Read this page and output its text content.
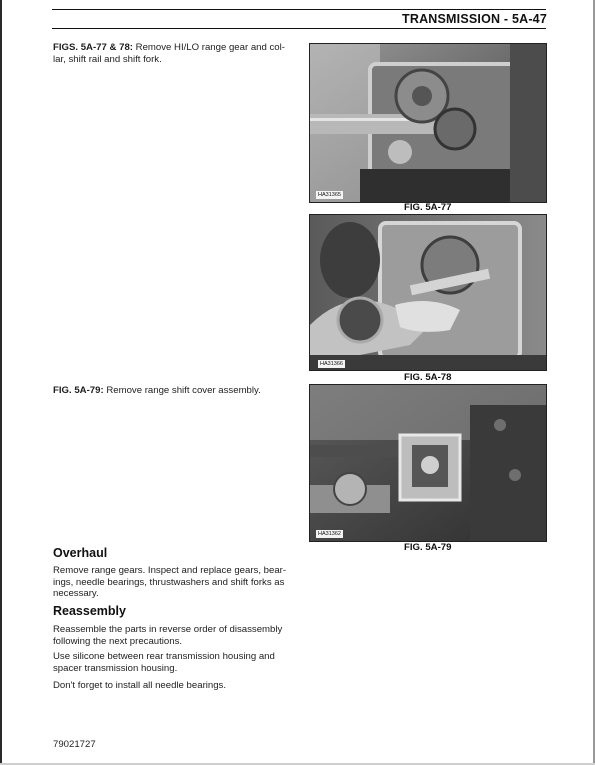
TRANSMISSION - 5A-47
FIGS. 5A-77 & 78: Remove HI/LO range gear and col-
lar, shift rail and shift fork.
FIG. 5A-79: Remove range shift cover assembly.
Overhaul
Remove range gears. Inspect and replace gears, bear-
ings, needle bearings, thrustwashers and shift forks as
necessary.
Reassembly
Reassemble the parts in reverse order of disassembly
following the next precautions.
Use silicone between rear transmission housing and
spacer transmission housing.
Don't forget to install all needle bearings.
HA31365
FIG. 5A-77
HA31366
FIG. 5A-78
HA31362
FIG. 5A-79
79021727
